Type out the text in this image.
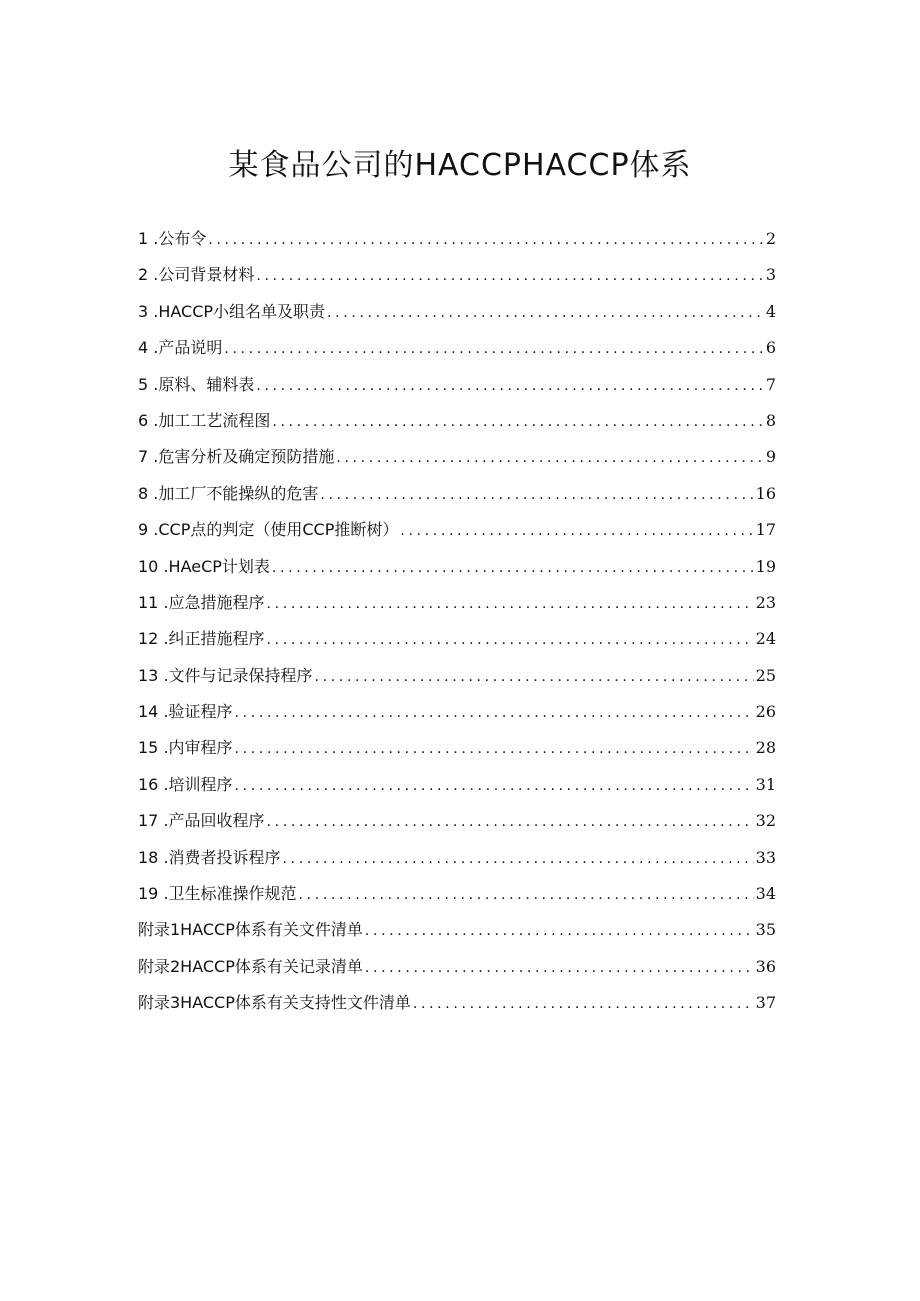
某食品公司的HACCPHACCP体系
1 .公布令 . . .	2
2 .公司背景材料 . . .	3
3 .HACCP小组名单及职责 . . .	4
4 .产品说明 . . .	6
5 .原料、辅料表 . . .	7
6 .加工工艺流程图 . . .	8
7 .危害分析及确定预防措施 . . .	9
8 .加工厂不能操纵的危害 . . .	16
9 .CCP点的判定（使用CCP推断树） . . .	17
10 .HAeCP计划表 . . .	19
11 .应急措施程序 . . .	23
12 .纠正措施程序 . . .	24
13 .文件与记录保持程序 . . .	25
14 .验证程序 . . .	26
15 .内审程序 . . .	28
16 .培训程序 . . .	31
17 .产品回收程序 . . .	32
18 .消费者投诉程序 . . .	33
19 .卫生标准操作规范 . . .	34
附录1HACCP体系有关文件清单 . . .	35
附录2HACCP体系有关记录清单 . . .	36
附录3HACCP体系有关支持性文件清单 . . .	37
